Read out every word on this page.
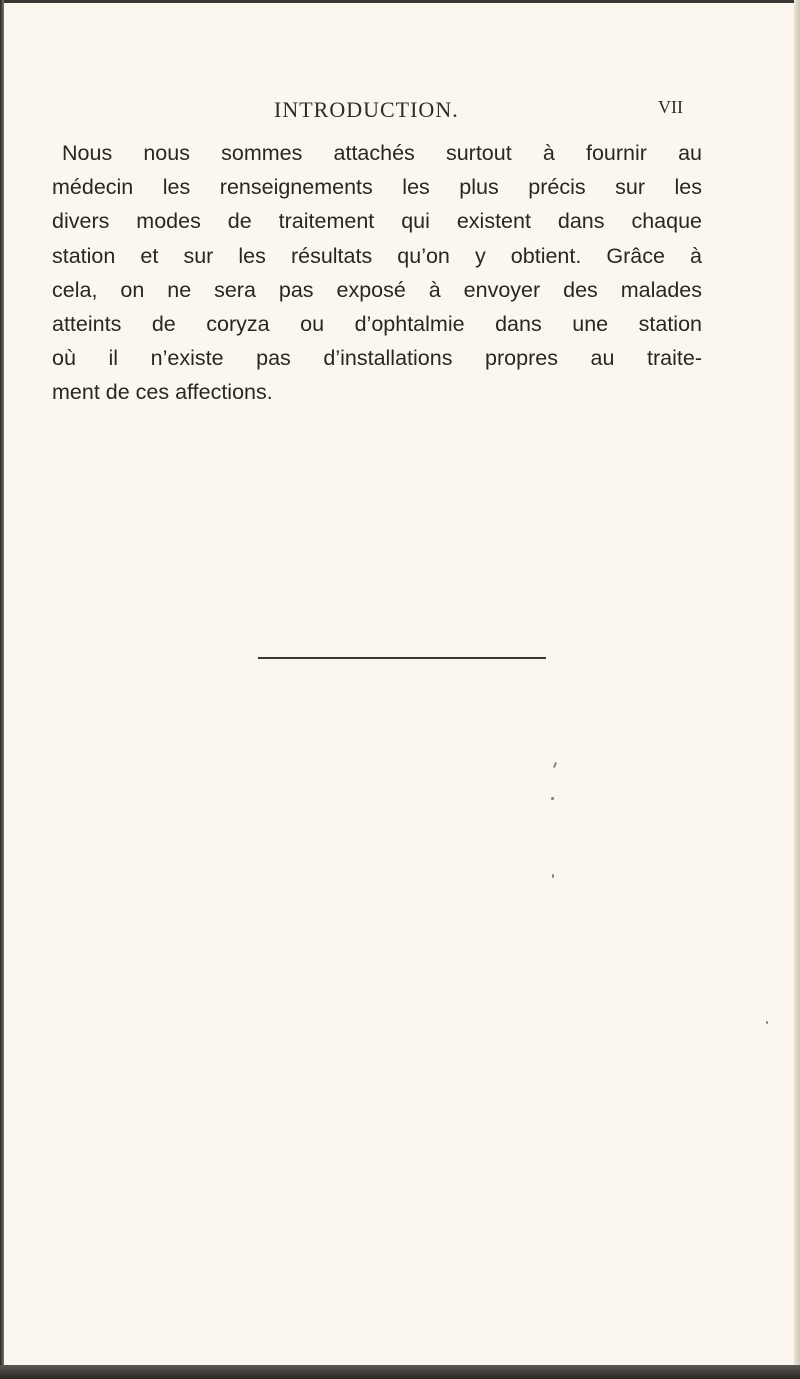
INTRODUCTION.	VII

Nous nous sommes attachés surtout à fournir au
médecin les renseignements les plus précis sur les
divers modes de traitement qui existent dans chaque
station et sur les résultats qu’on y obtient. Grâce à
cela, on ne sera pas exposé à envoyer des malades
atteints de coryza ou d’ophtalmie dans une station
où il n’existe pas d’installations propres au traite-
ment de ces affections.
